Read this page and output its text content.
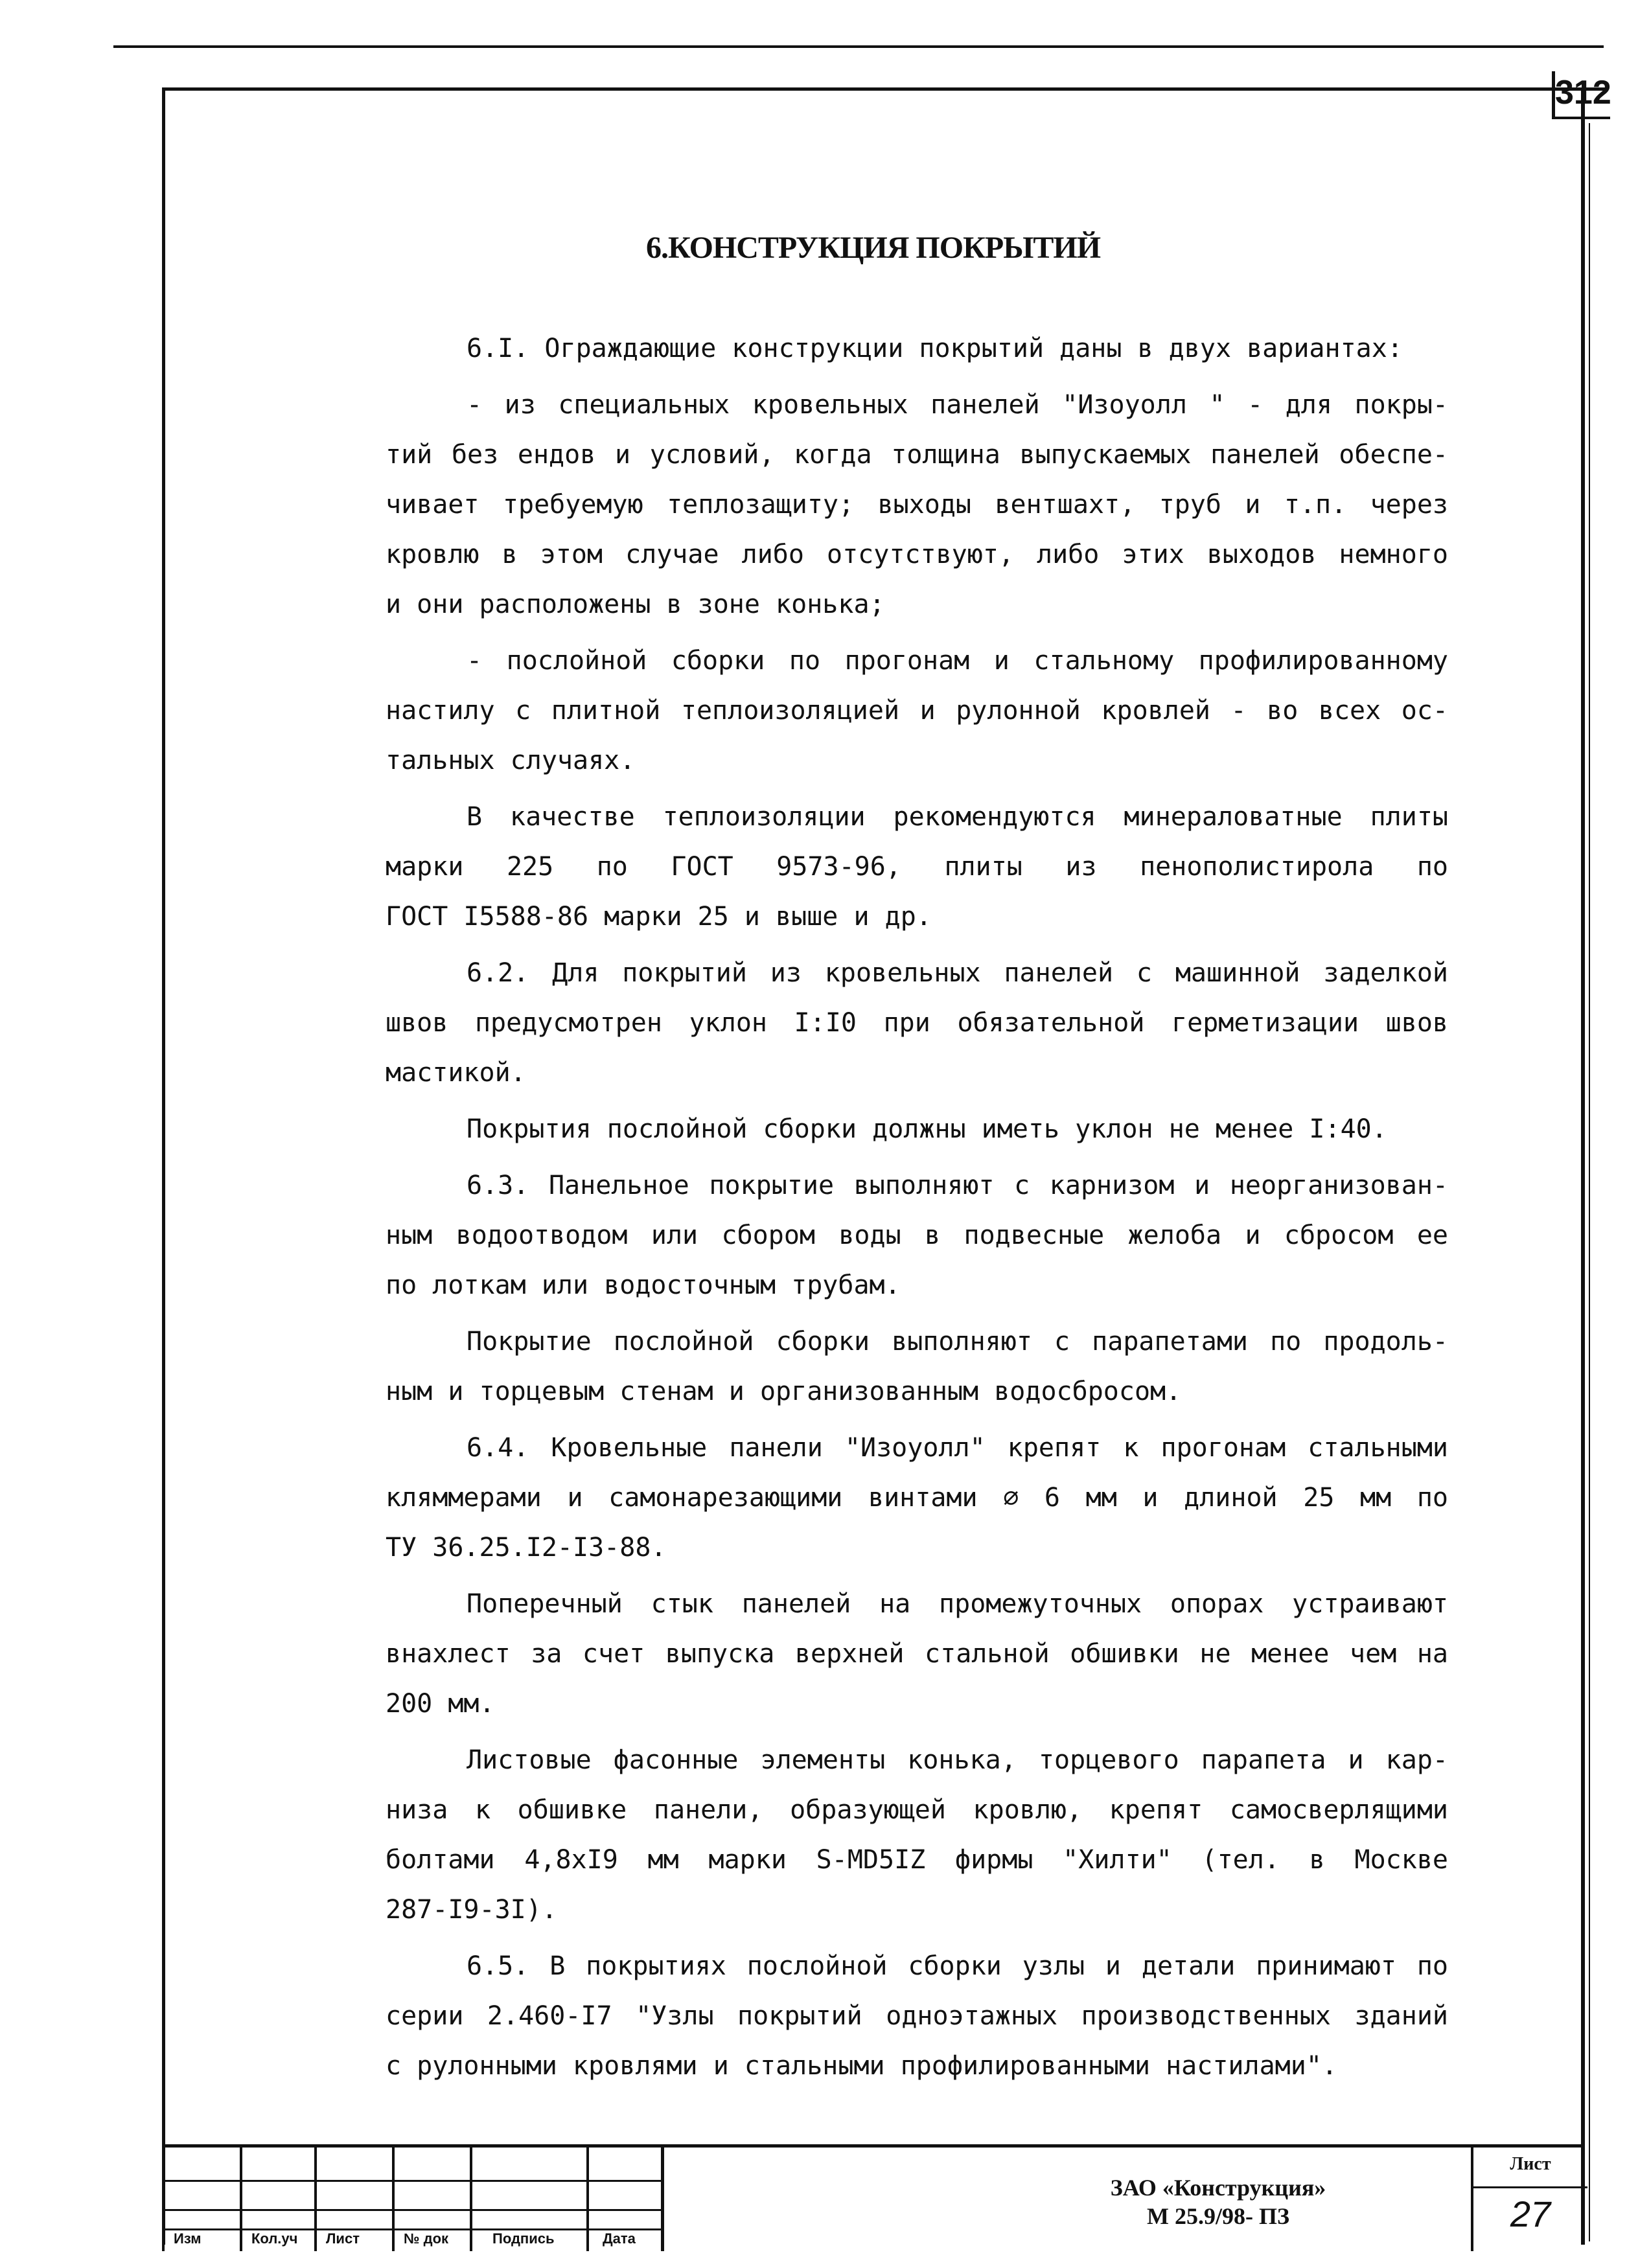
312
6.КОНСТРУКЦИЯ ПОКРЫТИЙ
6.I. Ограждающие конструкции покрытий даны в двух вариантах:
- из специальных кровельных панелей "Изоуолл " - для покры-
тий без ендов и условий, когда толщина выпускаемых панелей обеспе-
чивает требуемую теплозащиту; выходы вентшахт, труб и т.п. через
кровлю в этом случае либо отсутствуют, либо этих выходов немного
и они расположены в зоне конька;
- послойной сборки по прогонам и стальному профилированному
настилу с плитной теплоизоляцией и рулонной кровлей - во всех ос-
тальных случаях.
В качестве теплоизоляции рекомендуются минераловатные плиты
марки 225 по ГОСТ 9573-96, плиты из пенополистирола по
ГОСТ I5588-86 марки 25 и выше и др.
6.2. Для покрытий из кровельных панелей с машинной заделкой
швов предусмотрен уклон I:I0 при обязательной герметизации швов
мастикой.
Покрытия послойной сборки должны иметь уклон не менее I:40.
6.3. Панельное покрытие выполняют с карнизом и неорганизован-
ным водоотводом или сбором воды в подвесные желоба и сбросом ее
по лоткам или водосточным трубам.
Покрытие послойной сборки выполняют с парапетами по продоль-
ным и торцевым стенам и организованным водосбросом.
6.4. Кровельные панели "Изоуолл" крепят к прогонам стальными
кляммерами и самонарезающими винтами ⌀ 6 мм и длиной 25 мм по
ТУ 36.25.I2-I3-88.
Поперечный стык панелей на промежуточных опорах устраивают
внахлест за счет выпуска верхней стальной обшивки не менее чем на
200 мм.
Листовые фасонные элементы конька, торцевого парапета и кар-
низа к обшивке панели, образующей кровлю, крепят самосверлящими
болтами 4,8хI9 мм марки S-MD5IZ фирмы "Хилти" (тел. в Москве
287-I9-3I).
6.5. В покрытиях послойной сборки узлы и детали принимают по
серии 2.460-I7 "Узлы покрытий одноэтажных производственных зданий
с рулонными кровлями и стальными профилированными настилами".
Изм	Кол.уч Лист	№ док	Подпись	Дата
ЗАО «Конструкция»
М 25.9/98- ПЗ
Лист
27
